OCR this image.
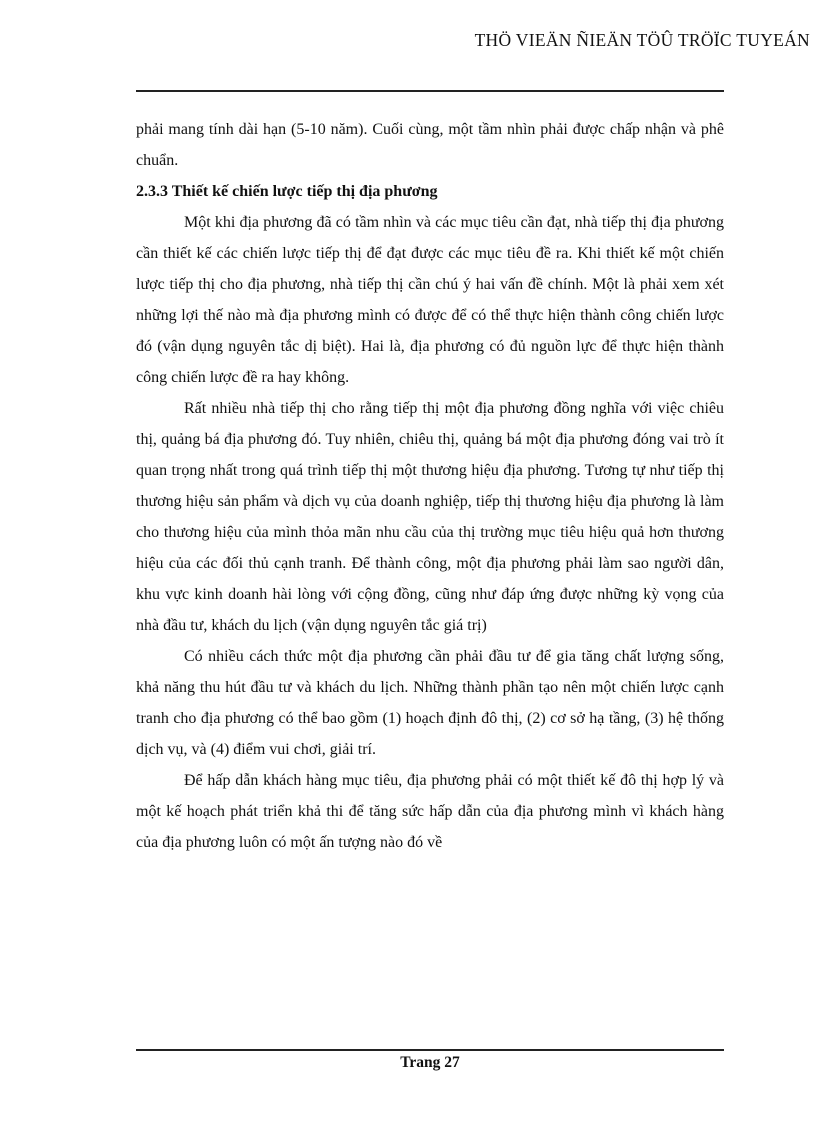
THÖ VIEÄN ÑIEÄN TÖÛ TRÖÏC TUYEÁN

phải mang tính dài hạn (5-10 năm). Cuối cùng, một tầm nhìn phải được chấp nhận và phê chuẩn.

2.3.3 Thiết kế chiến lược tiếp thị địa phương

Một khi địa phương đã có tầm nhìn và các mục tiêu cần đạt, nhà tiếp thị địa phương cần thiết kế các chiến lược tiếp thị để đạt được các mục tiêu đề ra. Khi thiết kế một chiến lược tiếp thị cho địa phương, nhà tiếp thị cần chú ý hai vấn đề chính. Một là phải xem xét những lợi thế nào mà địa phương mình có được để có thể thực hiện thành công chiến lược đó (vận dụng nguyên tắc dị biệt). Hai là, địa phương có đủ nguồn lực để thực hiện thành công chiến lược đề ra hay không.

Rất nhiều nhà tiếp thị cho rằng tiếp thị một địa phương đồng nghĩa với việc chiêu thị, quảng bá địa phương đó. Tuy nhiên, chiêu thị, quảng bá một địa phương đóng vai trò ít quan trọng nhất trong quá trình tiếp thị một thương hiệu địa phương. Tương tự như tiếp thị thương hiệu sản phẩm và dịch vụ của doanh nghiệp, tiếp thị thương hiệu địa phương là làm cho thương hiệu của mình thỏa mãn nhu cầu của thị trường mục tiêu hiệu quả hơn thương hiệu của các đối thủ cạnh tranh. Để thành công, một địa phương phải làm sao người dân, khu vực kinh doanh hài lòng với cộng đồng, cũng như đáp ứng được những kỳ vọng của nhà đầu tư, khách du lịch (vận dụng nguyên tắc giá trị)

Có nhiều cách thức một địa phương cần phải đầu tư để gia tăng chất lượng sống, khả năng thu hút đầu tư và khách du lịch. Những thành phần tạo nên một chiến lược cạnh tranh cho địa phương có thể bao gồm (1) hoạch định đô thị, (2) cơ sở hạ tầng, (3) hệ thống dịch vụ, và (4) điểm vui chơi, giải trí.

Để hấp dẫn khách hàng mục tiêu, địa phương phải có một thiết kế đô thị hợp lý và một kế hoạch phát triển khả thi để tăng sức hấp dẫn của địa phương mình vì khách hàng của địa phương luôn có một ấn tượng nào đó về

Trang 27
